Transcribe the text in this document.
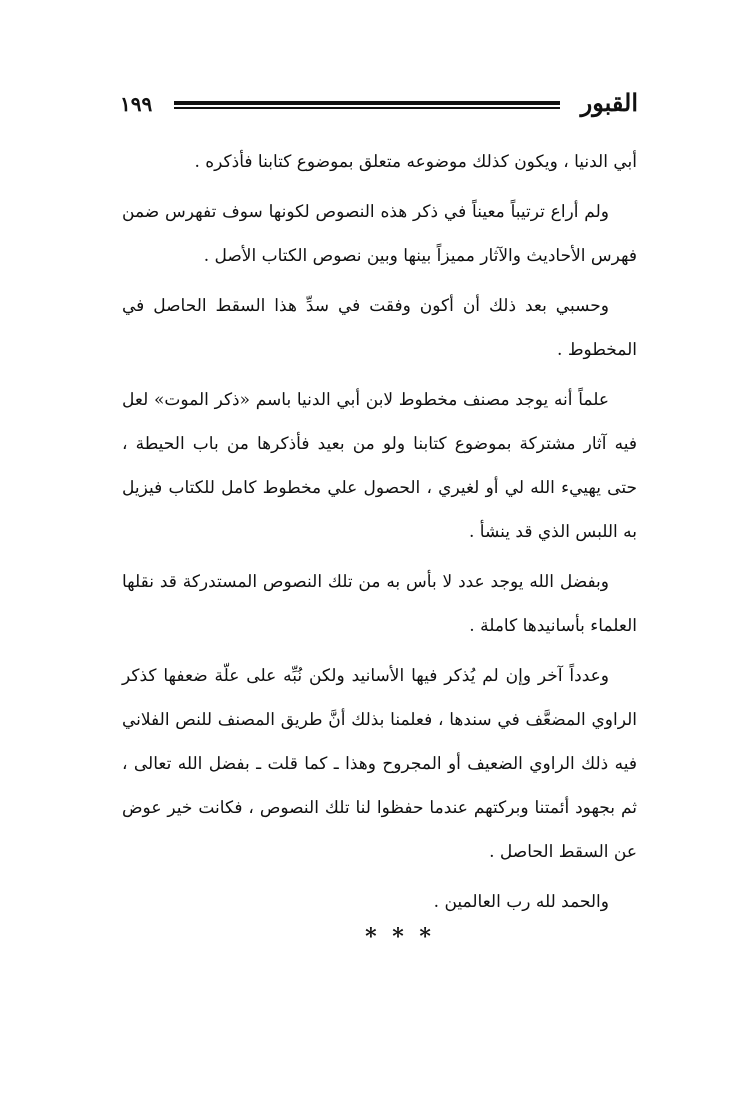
١٩٩	القبور

أبي الدنيا ، ويكون كذلك موضوعه متعلق بموضوع كتابنا فأذكره .

ولم أراع ترتيباً معيناً في ذكر هذه النصوص لكونها سوف تفهرس ضمن فهرس الأحاديث والآثار مميزاً بينها وبين نصوص الكتاب الأصل .

وحسبي بعد ذلك أن أكون وفقت في سدِّ هذا السقط الحاصل في المخطوط .

علماً أنه يوجد مصنف مخطوط لابن أبي الدنيا باسم «ذكر الموت» لعل فيه آثار مشتركة بموضوع كتابنا ولو من بعيد فأذكرها من باب الحيطة ، حتى يهييء الله لي أو لغيري ، الحصول علي مخطوط كامل للكتاب فيزيل به اللبس الذي قد ينشأ .

وبفضل الله يوجد عدد لا بأس به من تلك النصوص المستدركة قد نقلها العلماء بأسانيدها كاملة .

وعدداً آخر وإن لم يُذكر فيها الأسانيد ولكن نُبِّه على علّة ضعفها كذكر الراوي المضعَّف في سندها ، فعلمنا بذلك أنَّ طريق المصنف للنص الفلاني فيه ذلك الراوي الضعيف أو المجروح وهذا ـ كما قلت ـ بفضل الله تعالى ، ثم بجهود أئمتنا وبركتهم عندما حفظوا لنا تلك النصوص ، فكانت خير عوض عن السقط الحاصل .

والحمد لله رب العالمين .

* * *
